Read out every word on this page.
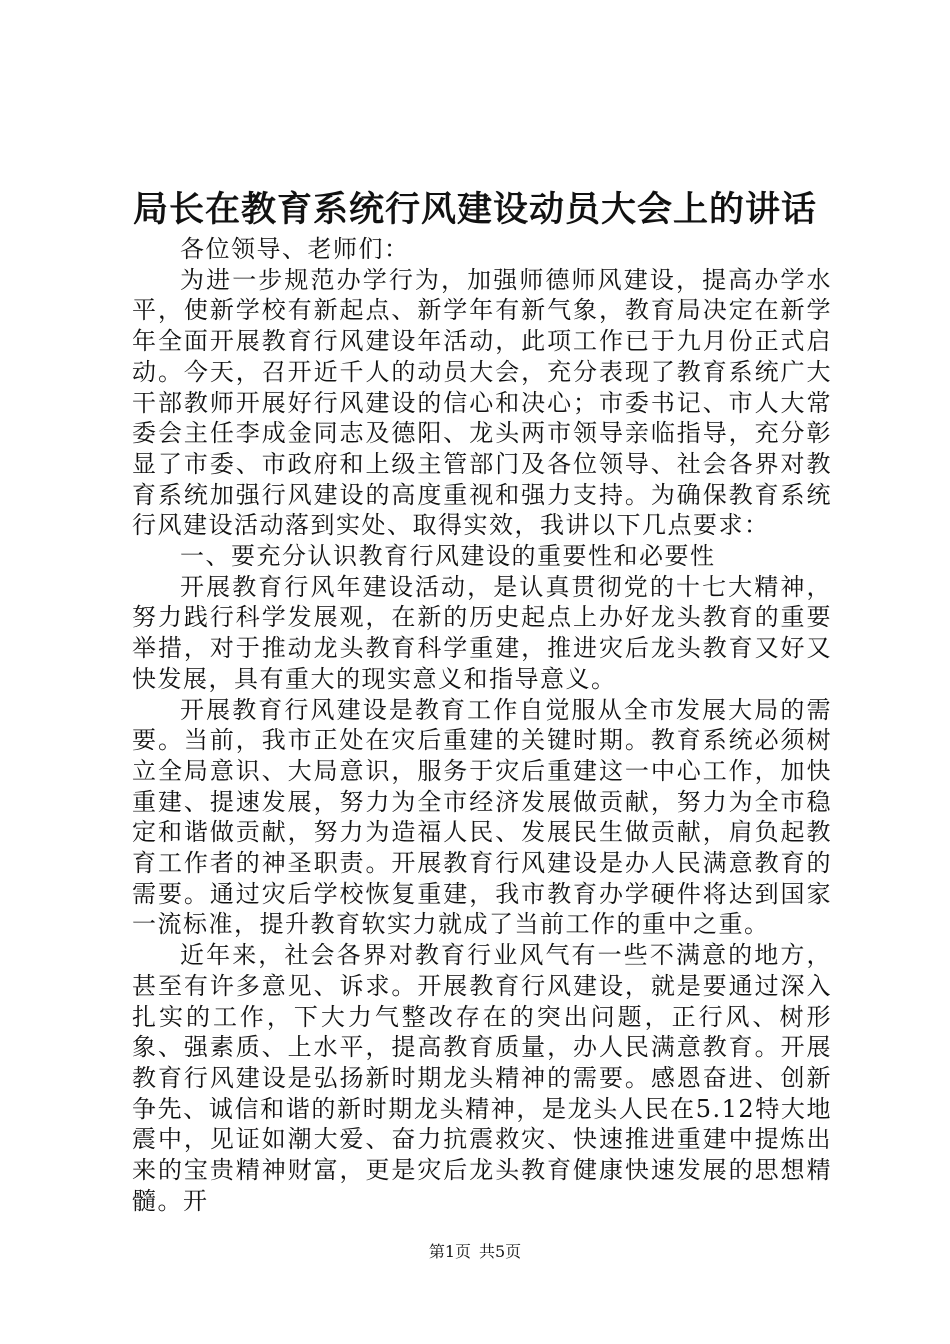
局长在教育系统行风建设动员大会上的讲话

各位领导、老师们：

为进一步规范办学行为，加强师德师风建设，提高办学水平，使新学校有新起点、新学年有新气象，教育局决定在新学年全面开展教育行风建设年活动，此项工作已于九月份正式启动。今天，召开近千人的动员大会，充分表现了教育系统广大干部教师开展好行风建设的信心和决心；市委书记、市人大常委会主任李成金同志及德阳、龙头两市领导亲临指导，充分彰显了市委、市政府和上级主管部门及各位领导、社会各界对教育系统加强行风建设的高度重视和强力支持。为确保教育系统行风建设活动落到实处、取得实效，我讲以下几点要求：

一、要充分认识教育行风建设的重要性和必要性

开展教育行风年建设活动，是认真贯彻党的十七大精神，努力践行科学发展观，在新的历史起点上办好龙头教育的重要举措，对于推动龙头教育科学重建，推进灾后龙头教育又好又快发展，具有重大的现实意义和指导意义。

开展教育行风建设是教育工作自觉服从全市发展大局的需要。当前，我市正处在灾后重建的关键时期。教育系统必须树立全局意识、大局意识，服务于灾后重建这一中心工作，加快重建、提速发展，努力为全市经济发展做贡献，努力为全市稳定和谐做贡献，努力为造福人民、发展民生做贡献，肩负起教育工作者的神圣职责。开展教育行风建设是办人民满意教育的需要。通过灾后学校恢复重建，我市教育办学硬件将达到国家一流标准，提升教育软实力就成了当前工作的重中之重。

近年来，社会各界对教育行业风气有一些不满意的地方，甚至有许多意见、诉求。开展教育行风建设，就是要通过深入扎实的工作，下大力气整改存在的突出问题，正行风、树形象、强素质、上水平，提高教育质量，办人民满意教育。开展教育行风建设是弘扬新时期龙头精神的需要。感恩奋进、创新争先、诚信和谐的新时期龙头精神，是龙头人民在5.12特大地震中，见证如潮大爱、奋力抗震救灾、快速推进重建中提炼出来的宝贵精神财富，更是灾后龙头教育健康快速发展的思想精髓。开

第1页 共5页
